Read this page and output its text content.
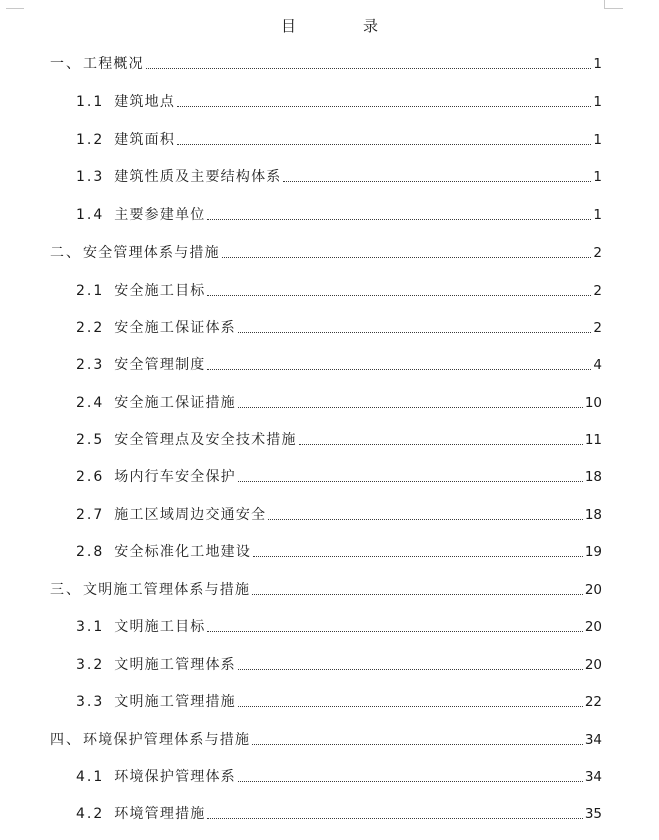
目　录
一、 工程概况	1
1.1 建筑地点	1
1.2 建筑面积	1
1.3 建筑性质及主要结构体系	1
1.4 主要参建单位	1
二、 安全管理体系与措施	2
2.1 安全施工目标	2
2.2 安全施工保证体系	2
2.3 安全管理制度	4
2.4 安全施工保证措施	10
2.5 安全管理点及安全技术措施	11
2.6 场内行车安全保护	18
2.7 施工区域周边交通安全	18
2.8 安全标准化工地建设	19
三、 文明施工管理体系与措施	20
3.1 文明施工目标	20
3.2 文明施工管理体系	20
3.3 文明施工管理措施	22
四、 环境保护管理体系与措施	34
4.1 环境保护管理体系	34
4.2 环境管理措施	35
